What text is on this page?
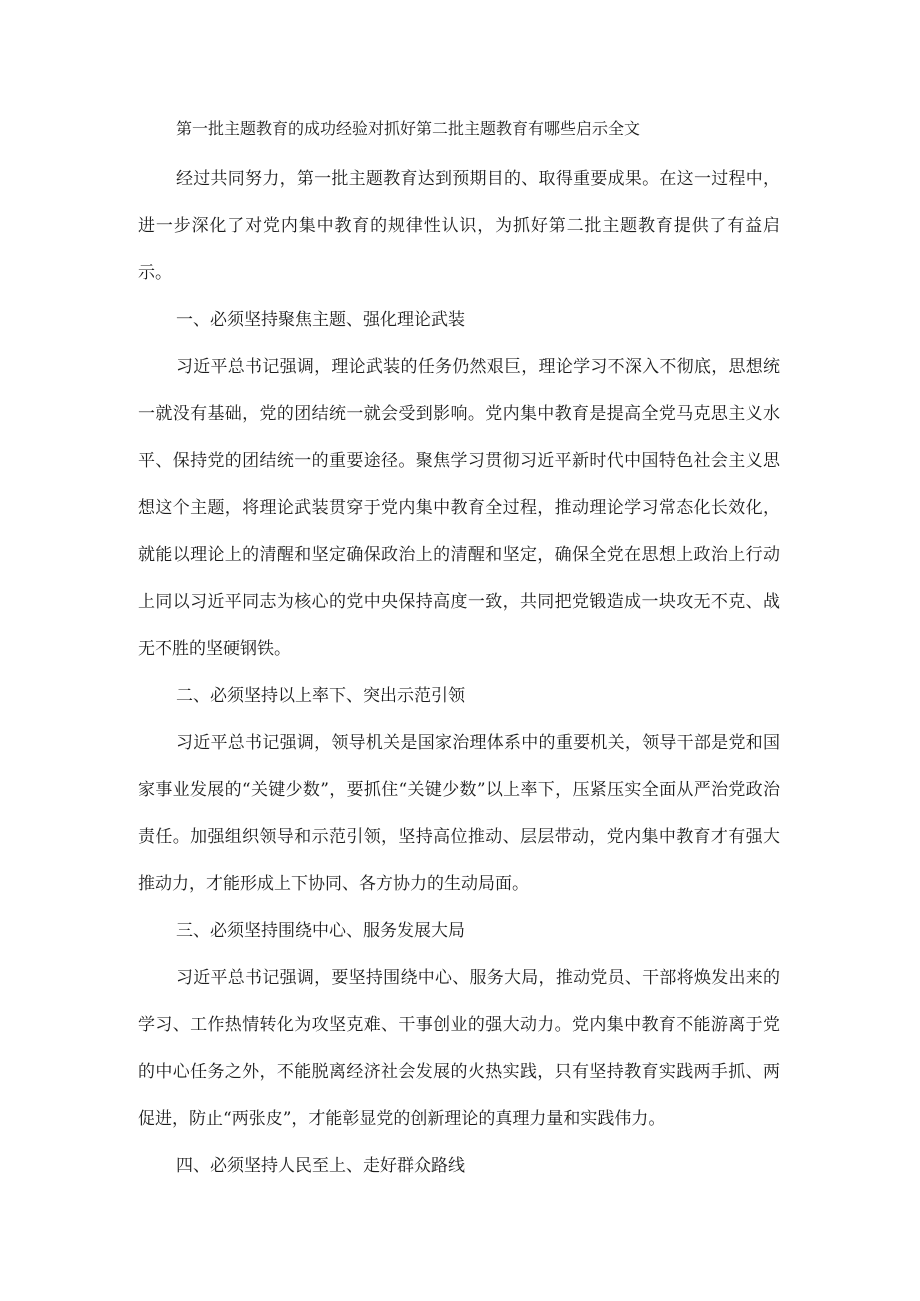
第一批主题教育的成功经验对抓好第二批主题教育有哪些启示全文

经过共同努力，第一批主题教育达到预期目的、取得重要成果。在这一过程中，进一步深化了对党内集中教育的规律性认识，为抓好第二批主题教育提供了有益启示。

一、必须坚持聚焦主题、强化理论武装

习近平总书记强调，理论武装的任务仍然艰巨，理论学习不深入不彻底，思想统一就没有基础，党的团结统一就会受到影响。党内集中教育是提高全党马克思主义水平、保持党的团结统一的重要途径。聚焦学习贯彻习近平新时代中国特色社会主义思想这个主题，将理论武装贯穿于党内集中教育全过程，推动理论学习常态化长效化，就能以理论上的清醒和坚定确保政治上的清醒和坚定，确保全党在思想上政治上行动上同以习近平同志为核心的党中央保持高度一致，共同把党锻造成一块攻无不克、战无不胜的坚硬钢铁。

二、必须坚持以上率下、突出示范引领

习近平总书记强调，领导机关是国家治理体系中的重要机关，领导干部是党和国家事业发展的“关键少数”，要抓住“关键少数”以上率下，压紧压实全面从严治党政治责任。加强组织领导和示范引领，坚持高位推动、层层带动，党内集中教育才有强大推动力，才能形成上下协同、各方协力的生动局面。

三、必须坚持围绕中心、服务发展大局

习近平总书记强调，要坚持围绕中心、服务大局，推动党员、干部将焕发出来的学习、工作热情转化为攻坚克难、干事创业的强大动力。党内集中教育不能游离于党的中心任务之外，不能脱离经济社会发展的火热实践，只有坚持教育实践两手抓、两促进，防止“两张皮”，才能彰显党的创新理论的真理力量和实践伟力。

四、必须坚持人民至上、走好群众路线
